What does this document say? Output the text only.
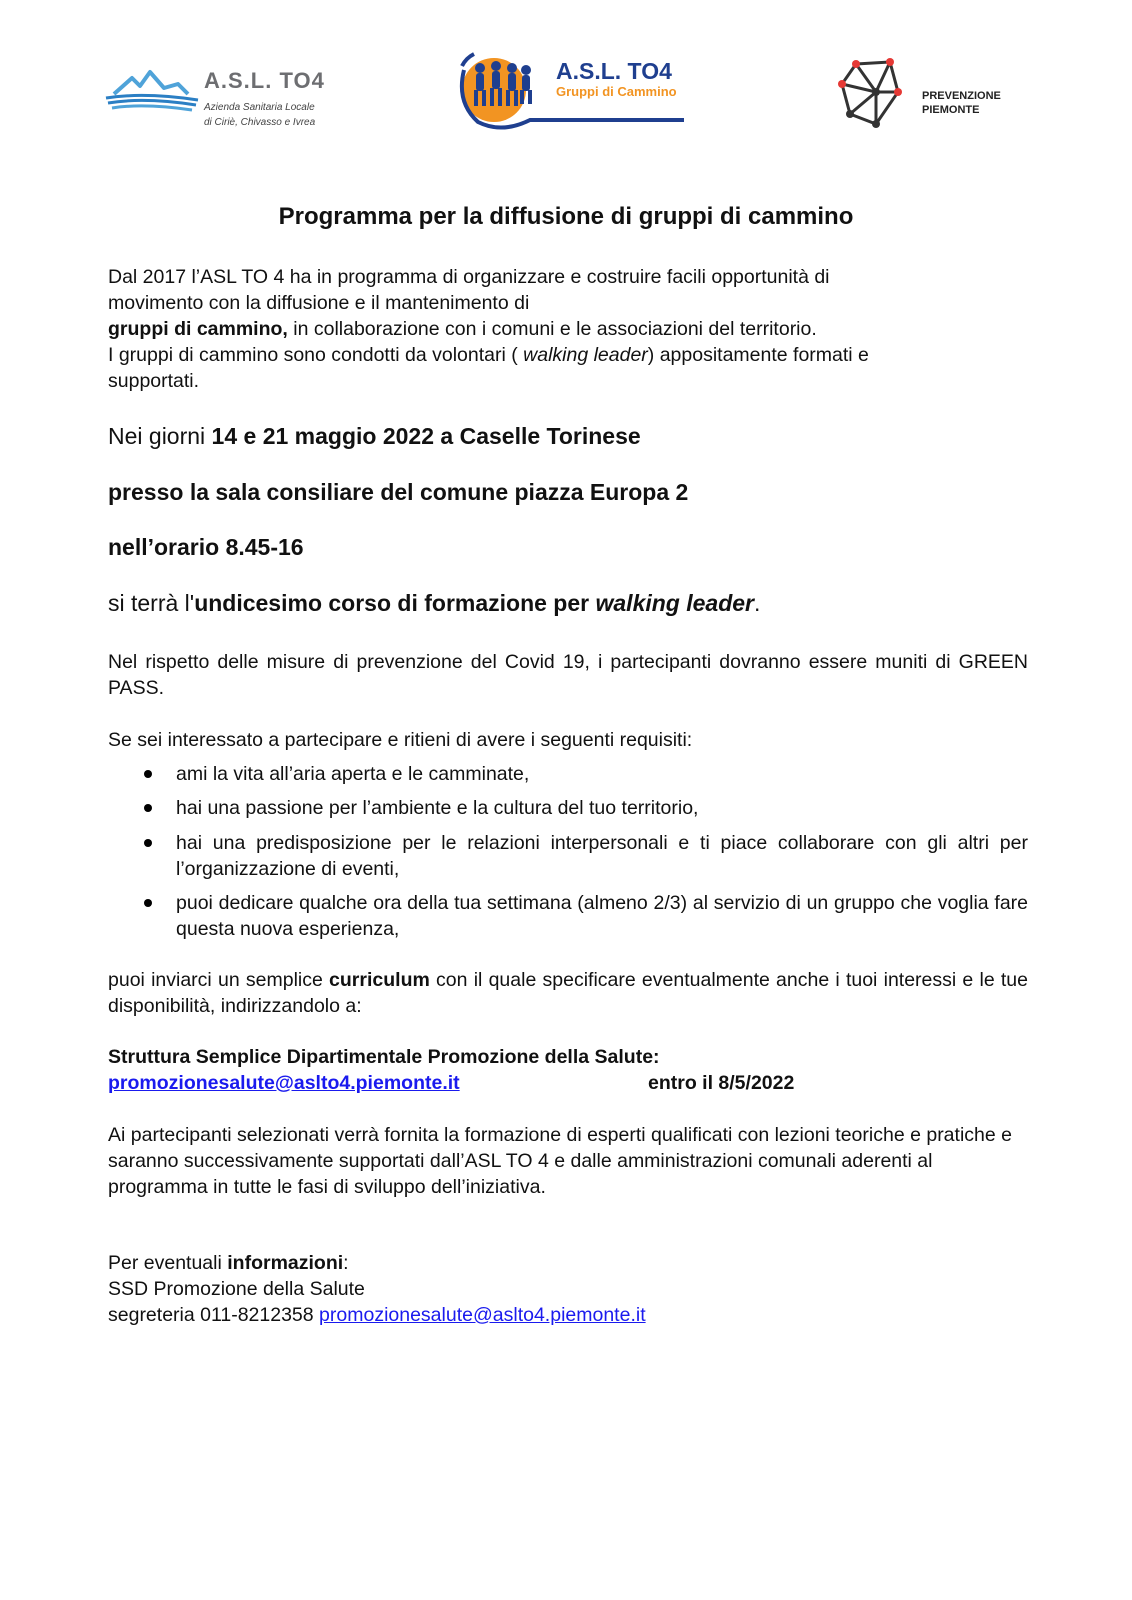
A.S.L. TO4
Azienda Sanitaria Locale
di Ciriè, Chivasso e Ivrea
A.S.L. TO4
Gruppi di Cammino	PREVENZIONE
PIEMONTE
Programma per la diffusione di gruppi di cammino
Dal 2017 l’ASL TO 4 ha in programma di organizzare e costruire facili opportunità di
movimento con la diffusione e il mantenimento di
gruppi di cammino, in collaborazione con i comuni e le associazioni del territorio.
I gruppi di cammino sono condotti da volontari ( walking leader) appositamente formati e
supportati.
Nei giorni 14 e 21 maggio 2022 a Caselle Torinese
presso la sala consiliare del comune piazza Europa 2
nell’orario 8.45-16
si terrà l'undicesimo corso di formazione per walking leader.
Nel rispetto delle misure di prevenzione del Covid 19, i partecipanti dovranno essere muniti di GREEN PASS.
Se sei interessato a partecipare e ritieni di avere i seguenti requisiti:
ami la vita all’aria aperta e le camminate,
hai una passione per l’ambiente e la cultura del tuo territorio,
hai una predisposizione per le relazioni interpersonali e ti piace collaborare con gli altri per l’organizzazione di eventi,
puoi dedicare qualche ora della tua settimana (almeno 2/3) al servizio di un gruppo che voglia fare questa nuova esperienza,
puoi inviarci un semplice curriculum con il quale specificare eventualmente anche i tuoi interessi e le tue disponibilità, indirizzandolo a:
Struttura Semplice Dipartimentale Promozione della Salute:
promozionesalute@aslto4.piemonte.it	entro il 8/5/2022
Ai partecipanti selezionati verrà fornita la formazione di esperti qualificati con lezioni teoriche e pratiche e saranno successivamente supportati dall’ASL TO 4 e dalle amministrazioni comunali aderenti al programma in tutte le fasi di sviluppo dell’iniziativa.
Per eventuali informazioni:
SSD Promozione della Salute
segreteria 011-8212358 promozionesalute@aslto4.piemonte.it
